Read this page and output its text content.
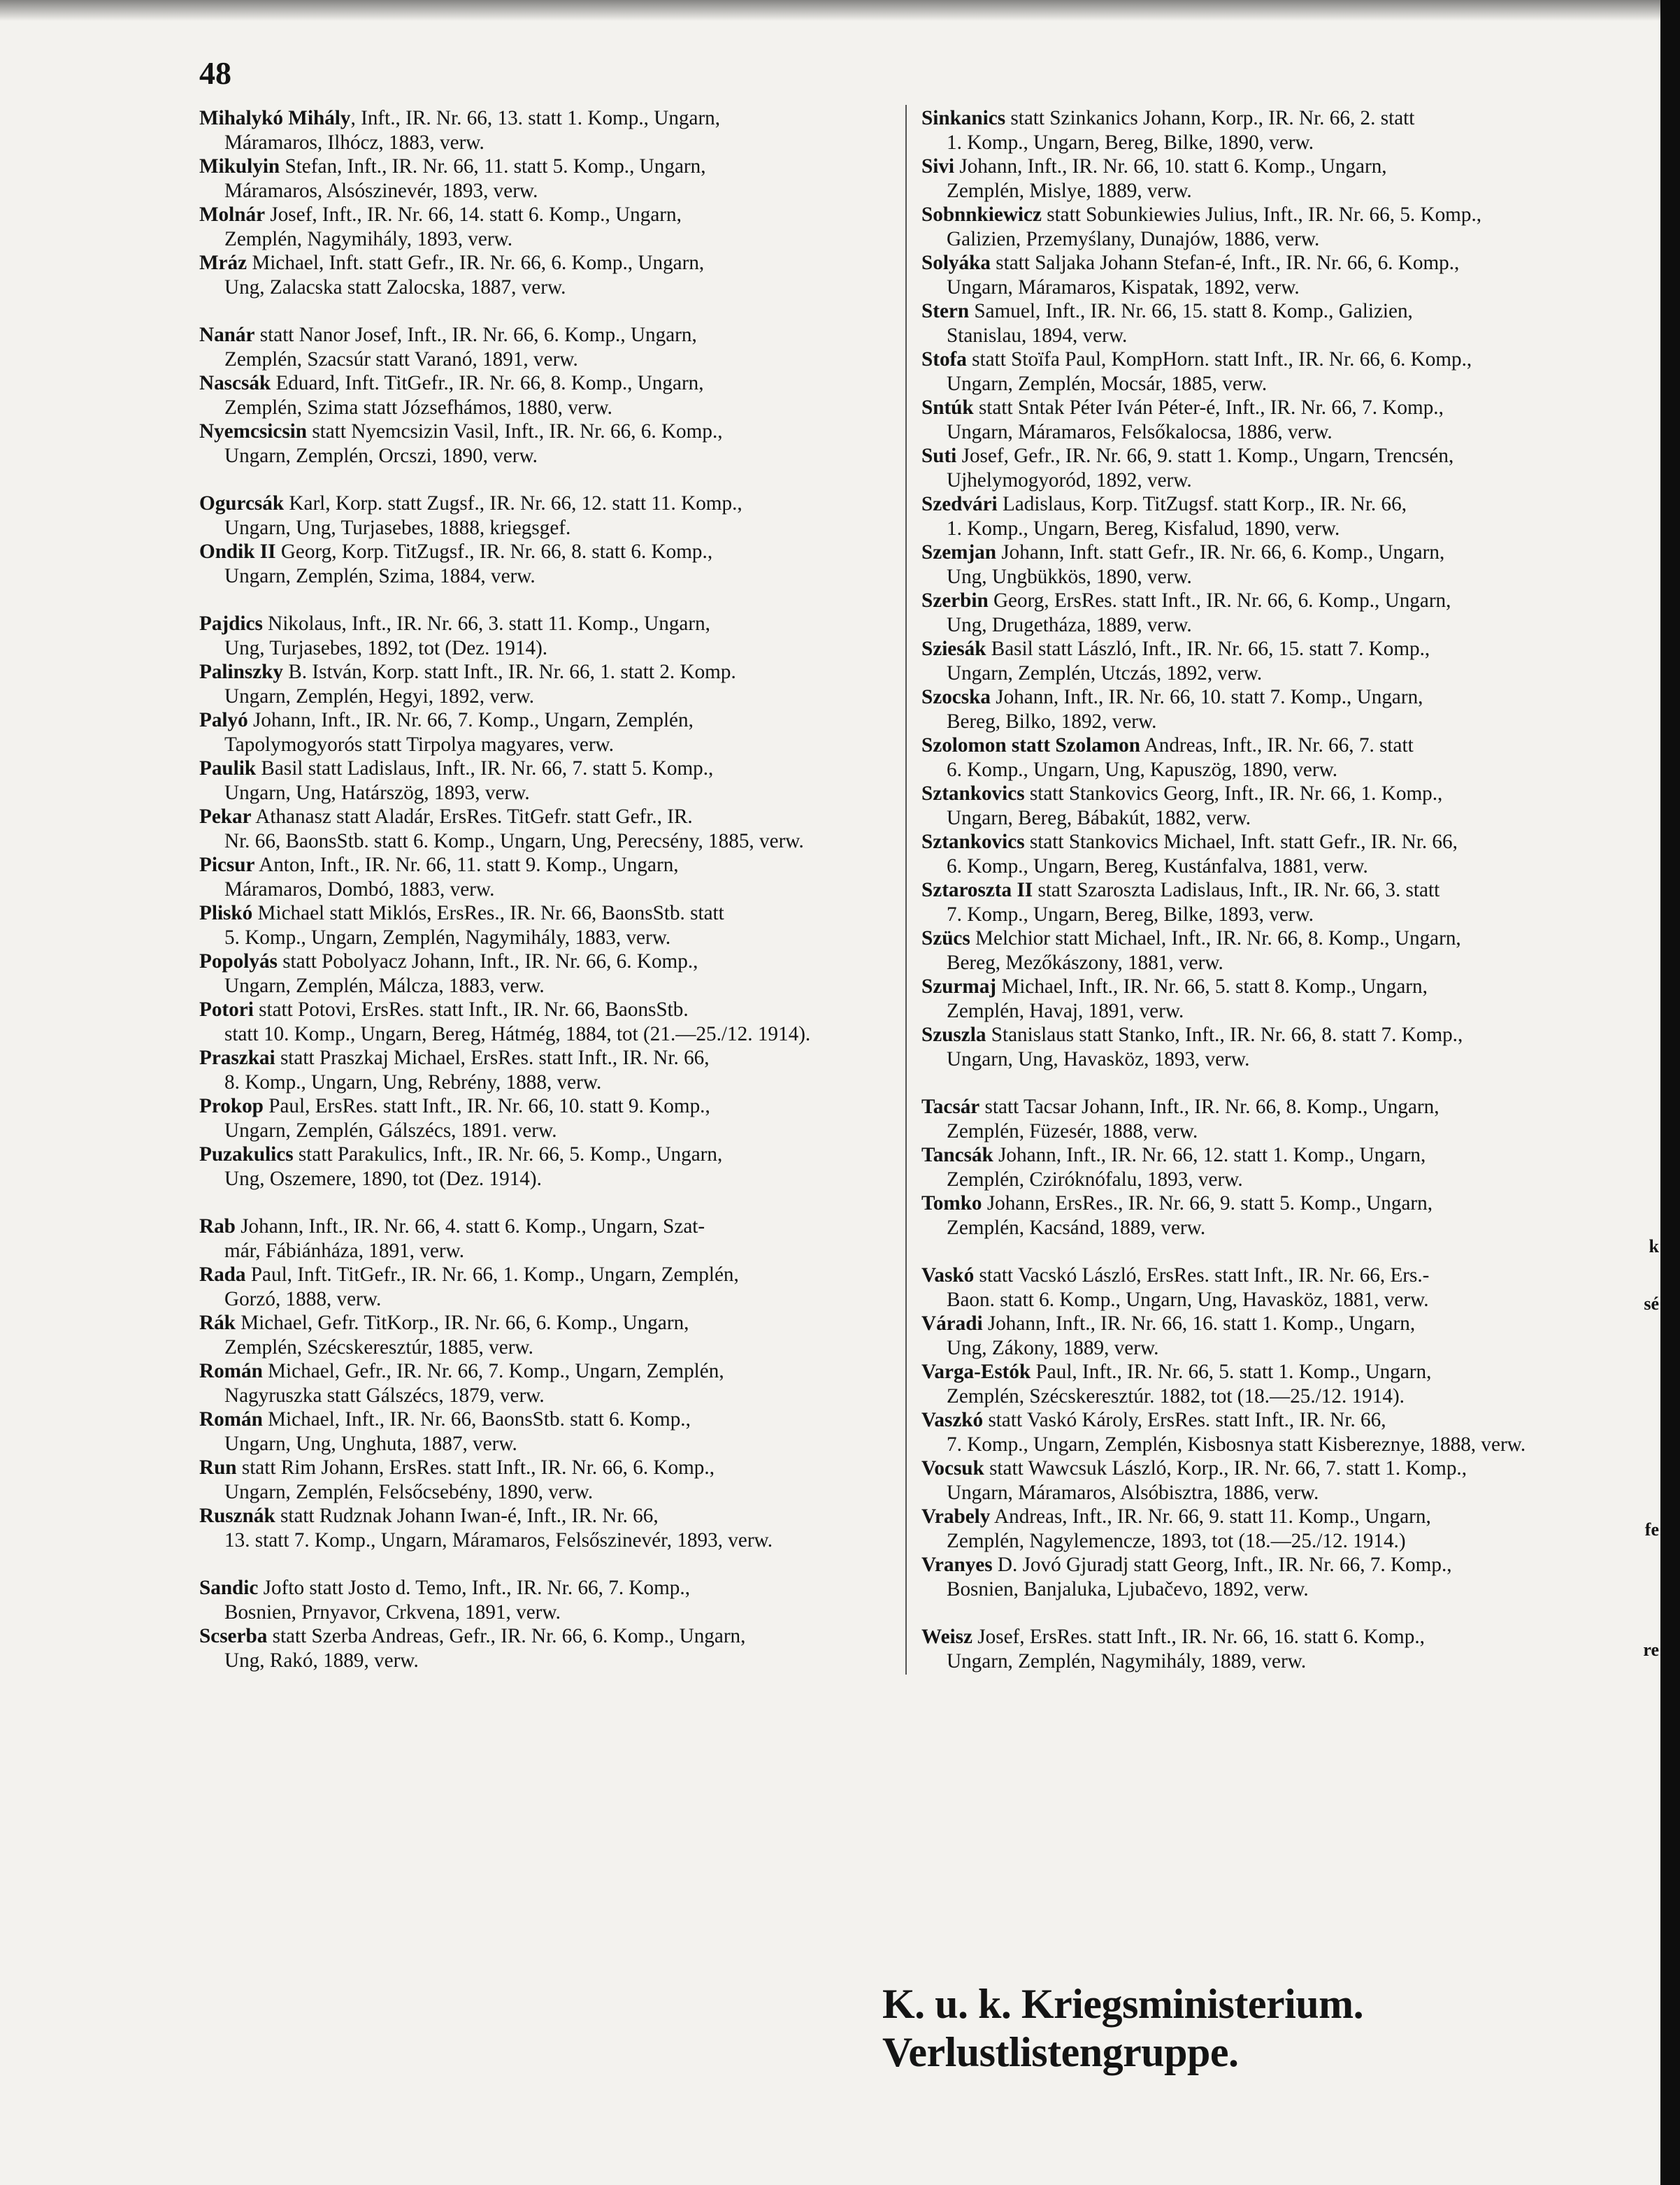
48
Mihalykó Mihály, Inft., IR. Nr. 66, 13. statt 1. Komp., Ungarn,
Máramaros, Ilhócz, 1883, verw.
Mikulyin Stefan, Inft., IR. Nr. 66, 11. statt 5. Komp., Ungarn,
Máramaros, Alsószinevér, 1893, verw.
Molnár Josef, Inft., IR. Nr. 66, 14. statt 6. Komp., Ungarn,
Zemplén, Nagymihály, 1893, verw.
Mráz Michael, Inft. statt Gefr., IR. Nr. 66, 6. Komp., Ungarn,
Ung, Zalacska statt Zalocska, 1887, verw.
Nanár statt Nanor Josef, Inft., IR. Nr. 66, 6. Komp., Ungarn,
Zemplén, Szacsúr statt Varanó, 1891, verw.
Nascsák Eduard, Inft. TitGefr., IR. Nr. 66, 8. Komp., Ungarn,
Zemplén, Szima statt Józsefhámos, 1880, verw.
Nyemcsicsin statt Nyemcsizin Vasil, Inft., IR. Nr. 66, 6. Komp.,
Ungarn, Zemplén, Orcszi, 1890, verw.
Ogurcsák Karl, Korp. statt Zugsf., IR. Nr. 66, 12. statt 11. Komp.,
Ungarn, Ung, Turjasebes, 1888, kriegsgef.
Ondik II Georg, Korp. TitZugsf., IR. Nr. 66, 8. statt 6. Komp.,
Ungarn, Zemplén, Szima, 1884, verw.
Pajdics Nikolaus, Inft., IR. Nr. 66, 3. statt 11. Komp., Ungarn,
Ung, Turjasebes, 1892, tot (Dez. 1914).
Palinszky B. István, Korp. statt Inft., IR. Nr. 66, 1. statt 2. Komp.
Ungarn, Zemplén, Hegyi, 1892, verw.
Palyó Johann, Inft., IR. Nr. 66, 7. Komp., Ungarn, Zemplén,
Tapolymogyorós statt Tirpolya magyares, verw.
Paulik Basil statt Ladislaus, Inft., IR. Nr. 66, 7. statt 5. Komp.,
Ungarn, Ung, Határszög, 1893, verw.
Pekar Athanasz statt Aladár, ErsRes. TitGefr. statt Gefr., IR.
Nr. 66, BaonsStb. statt 6. Komp., Ungarn, Ung, Perecsény, 1885, verw.
Picsur Anton, Inft., IR. Nr. 66, 11. statt 9. Komp., Ungarn,
Máramaros, Dombó, 1883, verw.
Pliskó Michael statt Miklós, ErsRes., IR. Nr. 66, BaonsStb. statt
5. Komp., Ungarn, Zemplén, Nagymihály, 1883, verw.
Popolyás statt Pobolyacz Johann, Inft., IR. Nr. 66, 6. Komp.,
Ungarn, Zemplén, Málcza, 1883, verw.
Potori statt Potovi, ErsRes. statt Inft., IR. Nr. 66, BaonsStb.
statt 10. Komp., Ungarn, Bereg, Hátmég, 1884, tot (21.—25./12. 1914).
Praszkai statt Praszkaj Michael, ErsRes. statt Inft., IR. Nr. 66,
8. Komp., Ungarn, Ung, Rebrény, 1888, verw.
Prokop Paul, ErsRes. statt Inft., IR. Nr. 66, 10. statt 9. Komp.,
Ungarn, Zemplén, Gálszécs, 1891. verw.
Puzakulics statt Parakulics, Inft., IR. Nr. 66, 5. Komp., Ungarn,
Ung, Oszemere, 1890, tot (Dez. 1914).
Rab Johann, Inft., IR. Nr. 66, 4. statt 6. Komp., Ungarn, Szat-
már, Fábiánháza, 1891, verw.
Rada Paul, Inft. TitGefr., IR. Nr. 66, 1. Komp., Ungarn, Zemplén,
Gorzó, 1888, verw.
Rák Michael, Gefr. TitKorp., IR. Nr. 66, 6. Komp., Ungarn,
Zemplén, Szécskeresztúr, 1885, verw.
Román Michael, Gefr., IR. Nr. 66, 7. Komp., Ungarn, Zemplén,
Nagyruszka statt Gálszécs, 1879, verw.
Román Michael, Inft., IR. Nr. 66, BaonsStb. statt 6. Komp.,
Ungarn, Ung, Unghuta, 1887, verw.
Run statt Rim Johann, ErsRes. statt Inft., IR. Nr. 66, 6. Komp.,
Ungarn, Zemplén, Felsőcsebény, 1890, verw.
Rusznák statt Rudznak Johann Iwan-é, Inft., IR. Nr. 66,
13. statt 7. Komp., Ungarn, Máramaros, Felsőszinevér, 1893, verw.
Sandic Jofto statt Josto d. Temo, Inft., IR. Nr. 66, 7. Komp.,
Bosnien, Prnyavor, Crkvena, 1891, verw.
Scserba statt Szerba Andreas, Gefr., IR. Nr. 66, 6. Komp., Ungarn,
Ung, Rakó, 1889, verw.
Sinkanics statt Szinkanics Johann, Korp., IR. Nr. 66, 2. statt
1. Komp., Ungarn, Bereg, Bilke, 1890, verw.
Sivi Johann, Inft., IR. Nr. 66, 10. statt 6. Komp., Ungarn,
Zemplén, Mislye, 1889, verw.
Sobnnkiewicz statt Sobunkiewies Julius, Inft., IR. Nr. 66, 5. Komp.,
Galizien, Przemyślany, Dunajów, 1886, verw.
Solyáka statt Saljaka Johann Stefan-é, Inft., IR. Nr. 66, 6. Komp.,
Ungarn, Máramaros, Kispatak, 1892, verw.
Stern Samuel, Inft., IR. Nr. 66, 15. statt 8. Komp., Galizien,
Stanislau, 1894, verw.
Stofa statt Stoïfa Paul, KompHorn. statt Inft., IR. Nr. 66, 6. Komp.,
Ungarn, Zemplén, Mocsár, 1885, verw.
Sntúk statt Sntak Péter Iván Péter-é, Inft., IR. Nr. 66, 7. Komp.,
Ungarn, Máramaros, Felsőkalocsa, 1886, verw.
Suti Josef, Gefr., IR. Nr. 66, 9. statt 1. Komp., Ungarn, Trencsén,
Ujhelymogyoród, 1892, verw.
Szedvári Ladislaus, Korp. TitZugsf. statt Korp., IR. Nr. 66,
1. Komp., Ungarn, Bereg, Kisfalud, 1890, verw.
Szemjan Johann, Inft. statt Gefr., IR. Nr. 66, 6. Komp., Ungarn,
Ung, Ungbükkös, 1890, verw.
Szerbin Georg, ErsRes. statt Inft., IR. Nr. 66, 6. Komp., Ungarn,
Ung, Drugetháza, 1889, verw.
Sziesák Basil statt László, Inft., IR. Nr. 66, 15. statt 7. Komp.,
Ungarn, Zemplén, Utczás, 1892, verw.
Szocska Johann, Inft., IR. Nr. 66, 10. statt 7. Komp., Ungarn,
Bereg, Bilko, 1892, verw.
Szolomon statt Szolamon Andreas, Inft., IR. Nr. 66, 7. statt
6. Komp., Ungarn, Ung, Kapuszög, 1890, verw.
Sztankovics statt Stankovics Georg, Inft., IR. Nr. 66, 1. Komp.,
Ungarn, Bereg, Bábakút, 1882, verw.
Sztankovics statt Stankovics Michael, Inft. statt Gefr., IR. Nr. 66,
6. Komp., Ungarn, Bereg, Kustánfalva, 1881, verw.
Sztaroszta II statt Szaroszta Ladislaus, Inft., IR. Nr. 66, 3. statt
7. Komp., Ungarn, Bereg, Bilke, 1893, verw.
Szücs Melchior statt Michael, Inft., IR. Nr. 66, 8. Komp., Ungarn,
Bereg, Mezőkászony, 1881, verw.
Szurmaj Michael, Inft., IR. Nr. 66, 5. statt 8. Komp., Ungarn,
Zemplén, Havaj, 1891, verw.
Szuszla Stanislaus statt Stanko, Inft., IR. Nr. 66, 8. statt 7. Komp.,
Ungarn, Ung, Havasköz, 1893, verw.
Tacsár statt Tacsar Johann, Inft., IR. Nr. 66, 8. Komp., Ungarn,
Zemplén, Füzesér, 1888, verw.
Tancsák Johann, Inft., IR. Nr. 66, 12. statt 1. Komp., Ungarn,
Zemplén, Cziróknófalu, 1893, verw.
Tomko Johann, ErsRes., IR. Nr. 66, 9. statt 5. Komp., Ungarn,
Zemplén, Kacsánd, 1889, verw.
Vaskó statt Vacskó László, ErsRes. statt Inft., IR. Nr. 66, Ers.-
Baon. statt 6. Komp., Ungarn, Ung, Havasköz, 1881, verw.
Váradi Johann, Inft., IR. Nr. 66, 16. statt 1. Komp., Ungarn,
Ung, Zákony, 1889, verw.
Varga-Estók Paul, Inft., IR. Nr. 66, 5. statt 1. Komp., Ungarn,
Zemplén, Szécskeresztúr. 1882, tot (18.—25./12. 1914).
Vaszkó statt Vaskó Károly, ErsRes. statt Inft., IR. Nr. 66,
7. Komp., Ungarn, Zemplén, Kisbosnya statt Kisbereznye, 1888, verw.
Vocsuk statt Wawcsuk László, Korp., IR. Nr. 66, 7. statt 1. Komp.,
Ungarn, Máramaros, Alsóbisztra, 1886, verw.
Vrabely Andreas, Inft., IR. Nr. 66, 9. statt 11. Komp., Ungarn,
Zemplén, Nagylemencze, 1893, tot (18.—25./12. 1914.)
Vranyes D. Jovó Gjuradj statt Georg, Inft., IR. Nr. 66, 7. Komp.,
Bosnien, Banjaluka, Ljubačevo, 1892, verw.
Weisz Josef, ErsRes. statt Inft., IR. Nr. 66, 16. statt 6. Komp.,
Ungarn, Zemplén, Nagymihály, 1889, verw.
k
sé
fe
re
K. u. k. Kriegsministerium. Verlustlistengruppe.
